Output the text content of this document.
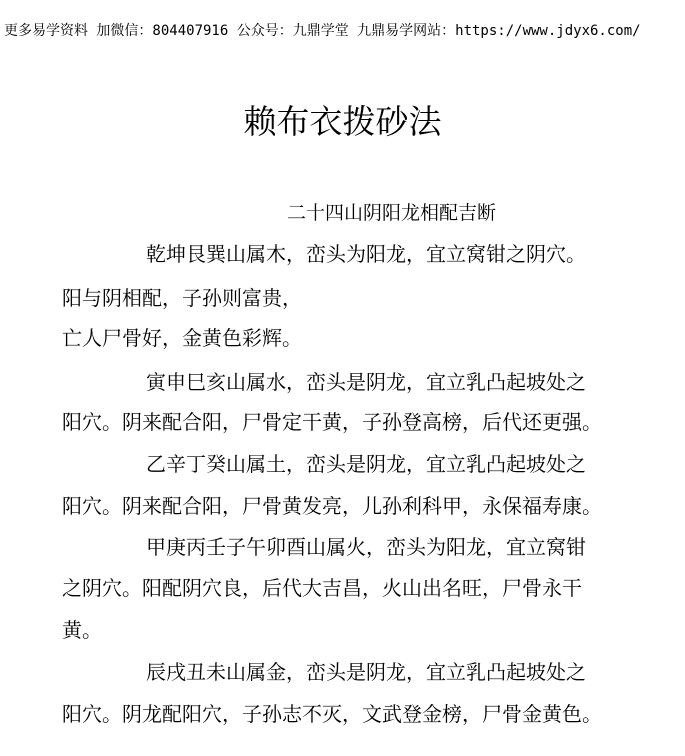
更多易学资料 加微信：804407916 公众号：九鼎学堂 九鼎易学网站：https://www.jdyx6.com/
赖布衣拨砂法
二十四山阴阳龙相配吉断
乾坤艮巽山属木，峦头为阳龙，宜立窝钳之阴穴。
阳与阴相配，子孙则富贵，
亡人尸骨好，金黄色彩辉。
寅申巳亥山属水，峦头是阴龙，宜立乳凸起坡处之
阳穴。阴来配合阳，尸骨定干黄，子孙登高榜，后代还更强。
乙辛丁癸山属土，峦头是阴龙，宜立乳凸起坡处之
阳穴。阴来配合阳，尸骨黄发亮，儿孙利科甲，永保福寿康。
甲庚丙壬子午卯酉山属火，峦头为阳龙，宜立窝钳
之阴穴。阳配阴穴良，后代大吉昌，火山出名旺，尸骨永干
黄。
辰戌丑未山属金，峦头是阴龙，宜立乳凸起坡处之
阳穴。阴龙配阳穴，子孙志不灭，文武登金榜，尸骨金黄色。
